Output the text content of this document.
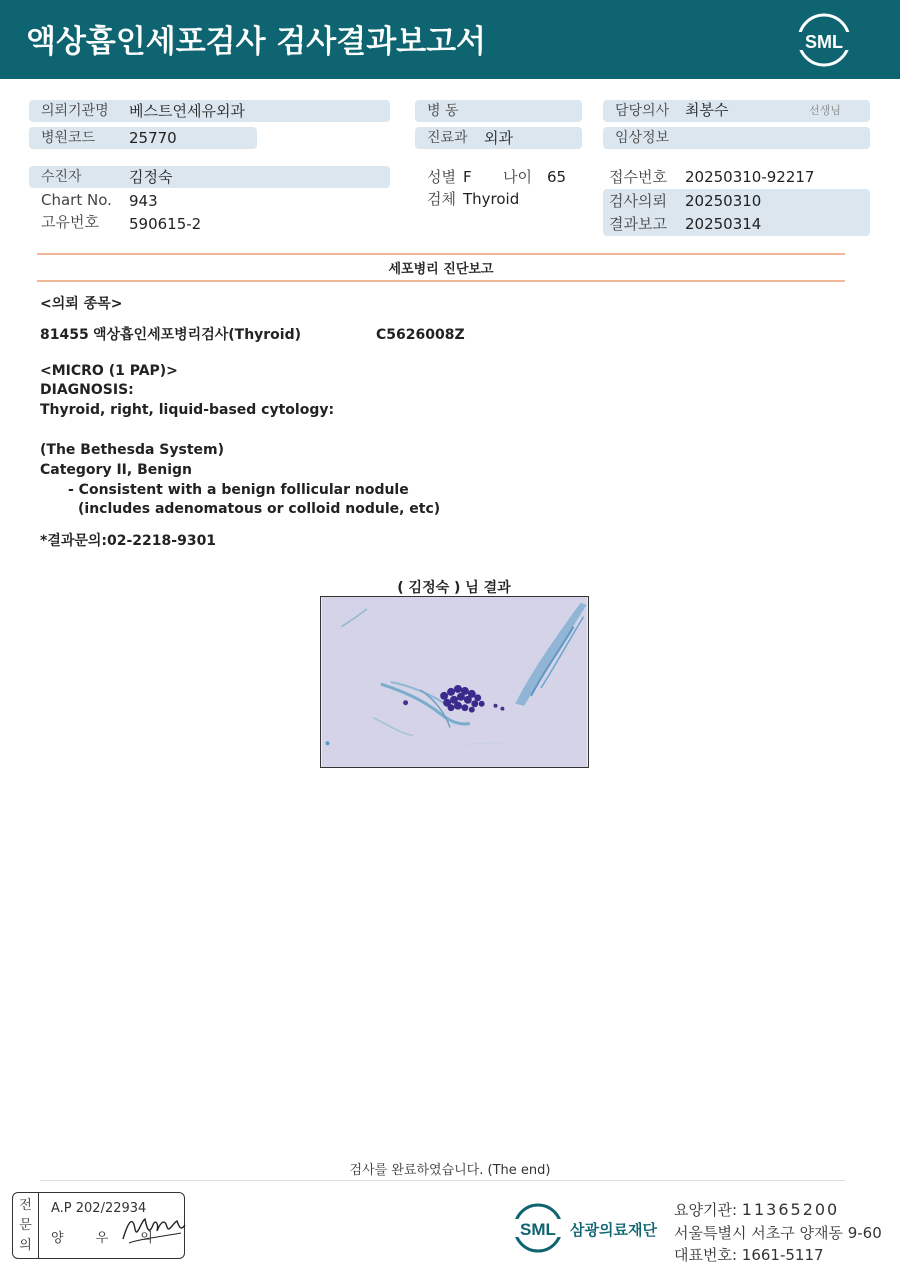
액상흡인세포검사 검사결과보고서	SML
의뢰기관명	베스트연세유외과
병원코드	25770
수진자	김정숙
Chart No. 943
고유번호 590615-2
병 동
진료과	외과
성별 F 나이 65
검체 Thyroid
담당의사	최봉수	선생님
임상정보
접수번호 20250310-92217
검사의뢰 20250310
결과보고 20250314
세포병리 진단보고
<의뢰 종목>
81455 액상흡인세포병리검사(Thyroid)	C5626008Z
<MICRO (1 PAP)>
DIAGNOSIS:
Thyroid, right, liquid-based cytology:
(The Bethesda System)
Category II, Benign
- Consistent with a benign follicular nodule
(includes adenomatous or colloid nodule, etc)
*결과문의:02-2218-9301
( 김정숙 ) 님 결과
검사를 완료하였습니다. (The end)
전
문
의
A.P 202/22934
양 우 익	SML 삼광의료재단
요양기관: 11365200
서울특별시 서초구 양재동 9-60
대표번호: 1661-5117
